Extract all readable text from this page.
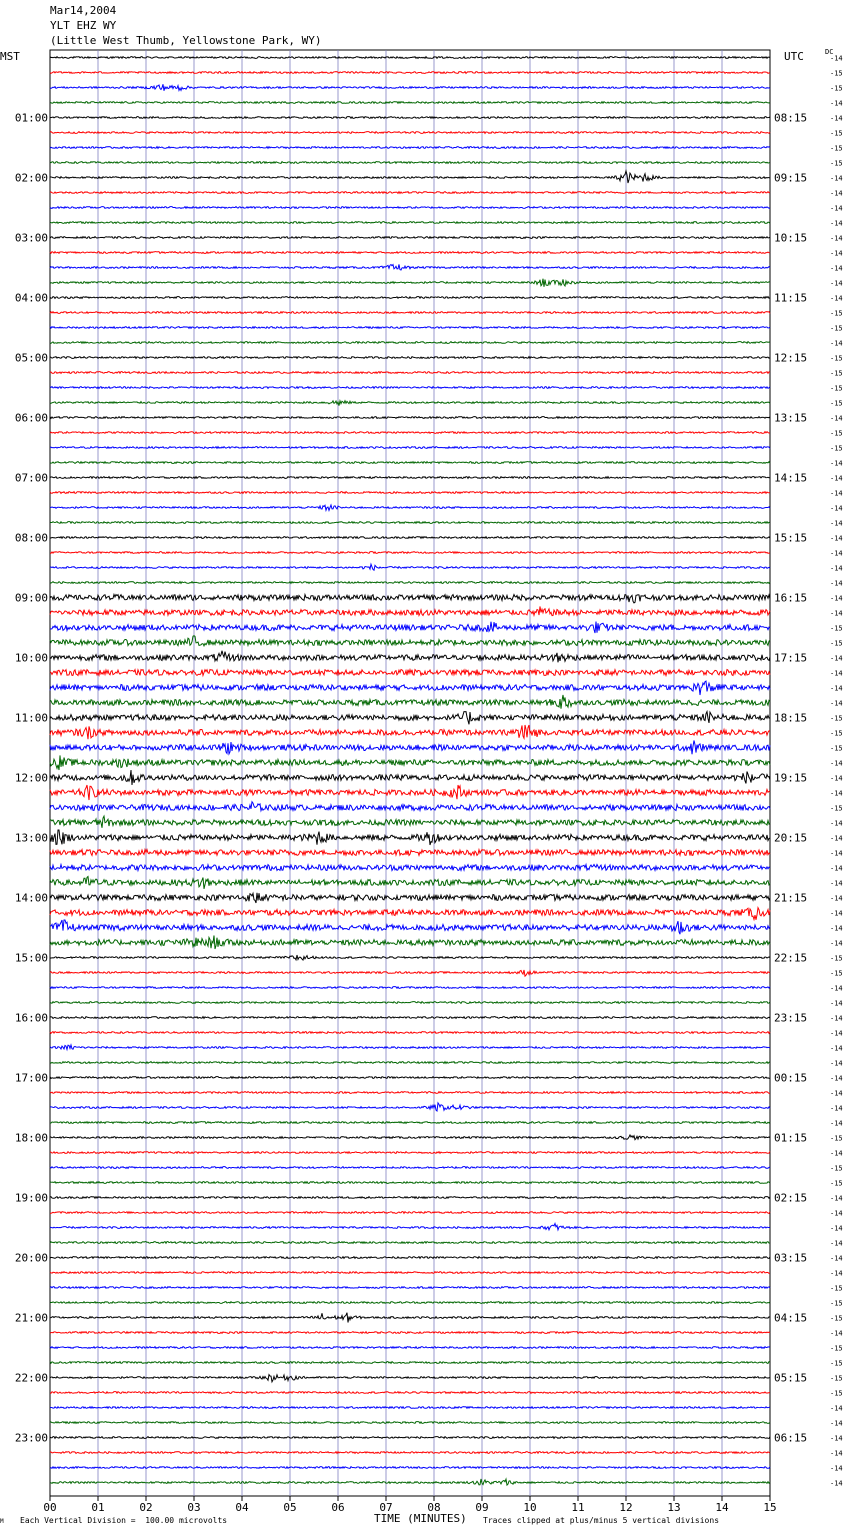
Mar14,2004
YLT EHZ WY
(Little West Thumb, Yellowstone Park, WY)
MST	UTC	DC
00	01	02	03	04	05	06	07	08	09	10	11	12	13	14	15
-14
-15
-15
-14
-14
-15
-15
-15
-14
-14
-14
-14
-14
-14
-14
-14
-14
-15
-15
-14
-15
-15
-15
-15
-14
-15
-15
-14
-14
-14
-14
-14
-14
-14
-14
-14
-14
-14
-15
-15
-14
-14
-14
-14
-15
-15
-15
-14
-14
-14
-15
-14
-14
-14
-14
-14
-14
-14
-14
-14
-15
-15
-14
-14
-14
-14
-14
-14
-14
-14
-14
-14
-15
-14
-15
-15
-14
-14
-14
-14
-14
-14
-15
-15
-15
-14
-15
-15
-15
-15
-14
-14
-14
-14
-14
-14
01:00
02:00
03:00
04:00
05:00
06:00
07:00
08:00
09:00
10:00
11:00
12:00
13:00
14:00
15:00
16:00
17:00
18:00
19:00
20:00
21:00
22:00
23:00
08:15
09:15
10:15
11:15
12:15
13:15
14:15
15:15
16:15
17:15
18:15
19:15
20:15
21:15
22:15
23:15
00:15
01:15
02:15
03:15
04:15
05:15
06:15
TIME (MINUTES)
M Each Vertical Division =  100.00 microvolts	Traces clipped at plus/minus 5 vertical divisions
